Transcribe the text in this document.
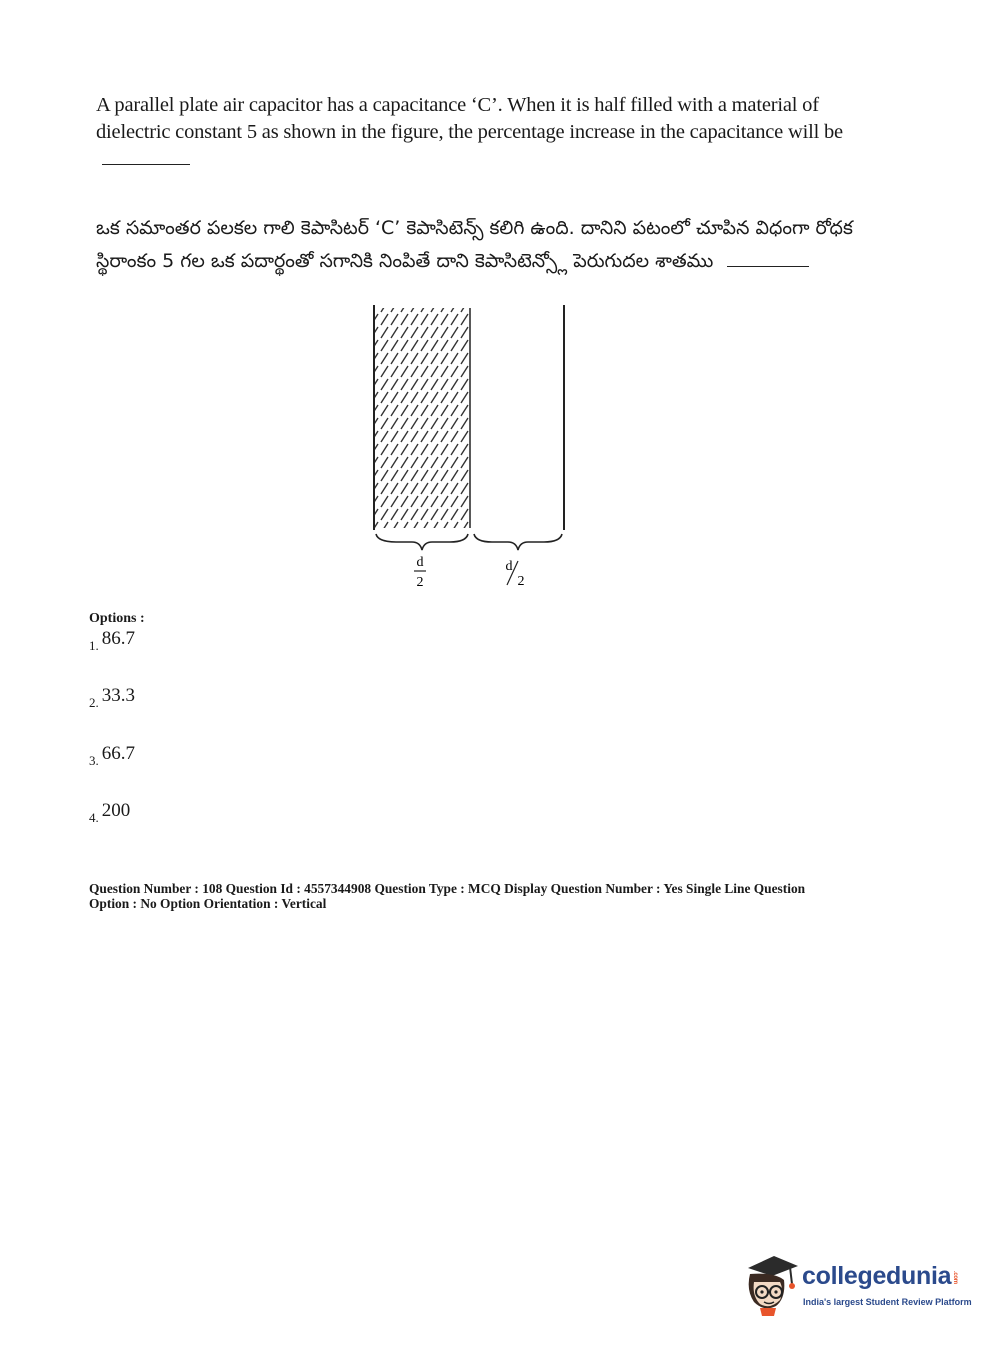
A parallel plate air capacitor has a capacitance ‘C’. When it is half filled with a material of dielectric constant 5 as shown in the figure, the percentage increase in the capacitance will be
ఒక సమాంతర పలకల గాలి కెపాసిటర్ ‘C’ కెపాసిటెన్స్ కలిగి ఉంది. దానిని పటంలో చూపిన విధంగా రోధక స్థిరాంకం 5 గల ఒక పదార్థంతో సగానికి నింపితే దాని కెపాసిటెన్స్లో పెరుగుదల శాతము
d
2
d
2
Options :
$_{1.}$ 86.7
$_{2.}$ 33.3
$_{3.}$ 66.7
$_{4.}$ 200
Question Number : 108 Question Id : 4557344908 Question Type : MCQ Display Question Number : Yes Single Line Question
Option : No Option Orientation : Vertical
collegedunia.com
India's largest Student Review Platform
